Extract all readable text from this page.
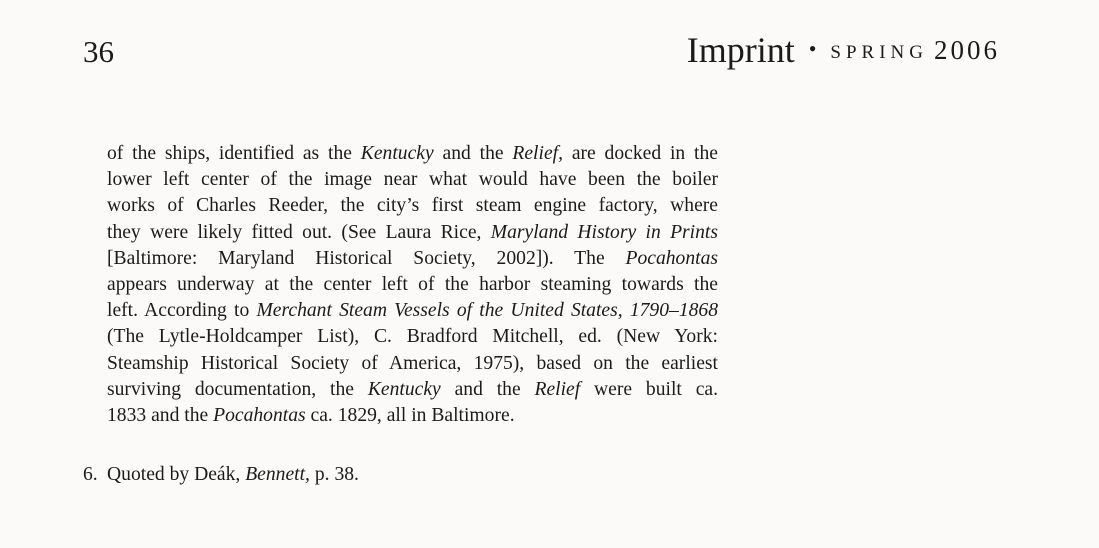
36	Imprint • SPRING 2006
of the ships, identified as the Kentucky and the Relief, are docked in the
lower left center of the image near what would have been the boiler
works of Charles Reeder, the city’s first steam engine factory, where
they were likely fitted out. (See Laura Rice, Maryland History in Prints
[Baltimore: Maryland Historical Society, 2002]). The Pocahontas
appears underway at the center left of the harbor steaming towards the
left. According to Merchant Steam Vessels of the United States, 1790–1868
(The Lytle-Holdcamper List), C. Bradford Mitchell, ed. (New York:
Steamship Historical Society of America, 1975), based on the earliest
surviving documentation, the Kentucky and the Relief were built ca.
1833 and the Pocahontas ca. 1829, all in Baltimore.
6. Quoted by Deák, Bennett, p. 38.
